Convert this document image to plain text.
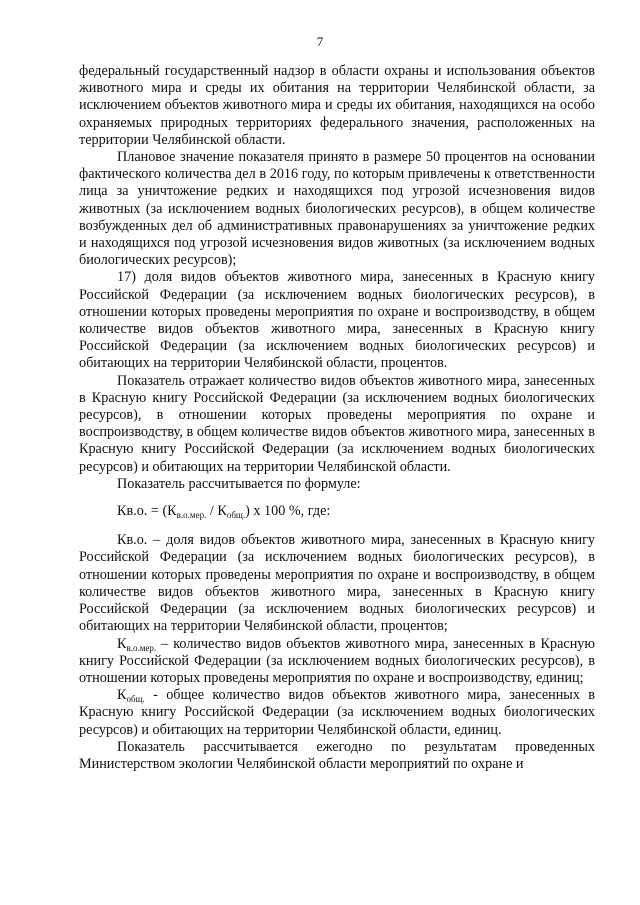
7

федеральный государственный надзор в области охраны и использования объектов животного мира и среды их обитания на территории Челябинской области, за исключением объектов животного мира и среды их обитания, находящихся на особо охраняемых природных территориях федерального значения, расположенных на территории Челябинской области.

Плановое значение показателя принято в размере 50 процентов на основании фактического количества дел в 2016 году, по которым привлечены к ответственности лица за уничтожение редких и находящихся под угрозой исчезновения видов животных (за исключением водных биологических ресурсов), в общем количестве возбужденных дел об административных правонарушениях за уничтожение редких и находящихся под угрозой исчезновения видов животных (за исключением водных биологических ресурсов);

17) доля видов объектов животного мира, занесенных в Красную книгу Российской Федерации (за исключением водных биологических ресурсов), в отношении которых проведены мероприятия по охране и воспроизводству, в общем количестве видов объектов животного мира, занесенных в Красную книгу Российской Федерации (за исключением водных биологических ресурсов) и обитающих на территории Челябинской области, процентов.

Показатель отражает количество видов объектов животного мира, занесенных в Красную книгу Российской Федерации (за исключением водных биологических ресурсов), в отношении которых проведены мероприятия по охране и воспроизводству, в общем количестве видов объектов животного мира, занесенных в Красную книгу Российской Федерации (за исключением водных биологических ресурсов) и обитающих на территории Челябинской области.

Показатель рассчитывается по формуле:

Кв.о. = $(К_{в.о.мер.} / К_{общ.})$ х 100 %, где:

Кв.о. – доля видов объектов животного мира, занесенных в Красную книгу Российской Федерации (за исключением водных биологических ресурсов), в отношении которых проведены мероприятия по охране и воспроизводству, в общем количестве видов объектов животного мира, занесенных в Красную книгу Российской Федерации (за исключением водных биологических ресурсов) и обитающих на территории Челябинской области, процентов;

$К_{в.о.мер.}$ – количество видов объектов животного мира, занесенных в Красную книгу Российской Федерации (за исключением водных биологических ресурсов), в отношении которых проведены мероприятия по охране и воспроизводству, единиц;

$К_{общ.}$ - общее количество видов объектов животного мира, занесенных в Красную книгу Российской Федерации (за исключением водных биологических ресурсов) и обитающих на территории Челябинской области, единиц.

Показатель рассчитывается ежегодно по результатам проведенных Министерством экологии Челябинской области мероприятий по охране и
